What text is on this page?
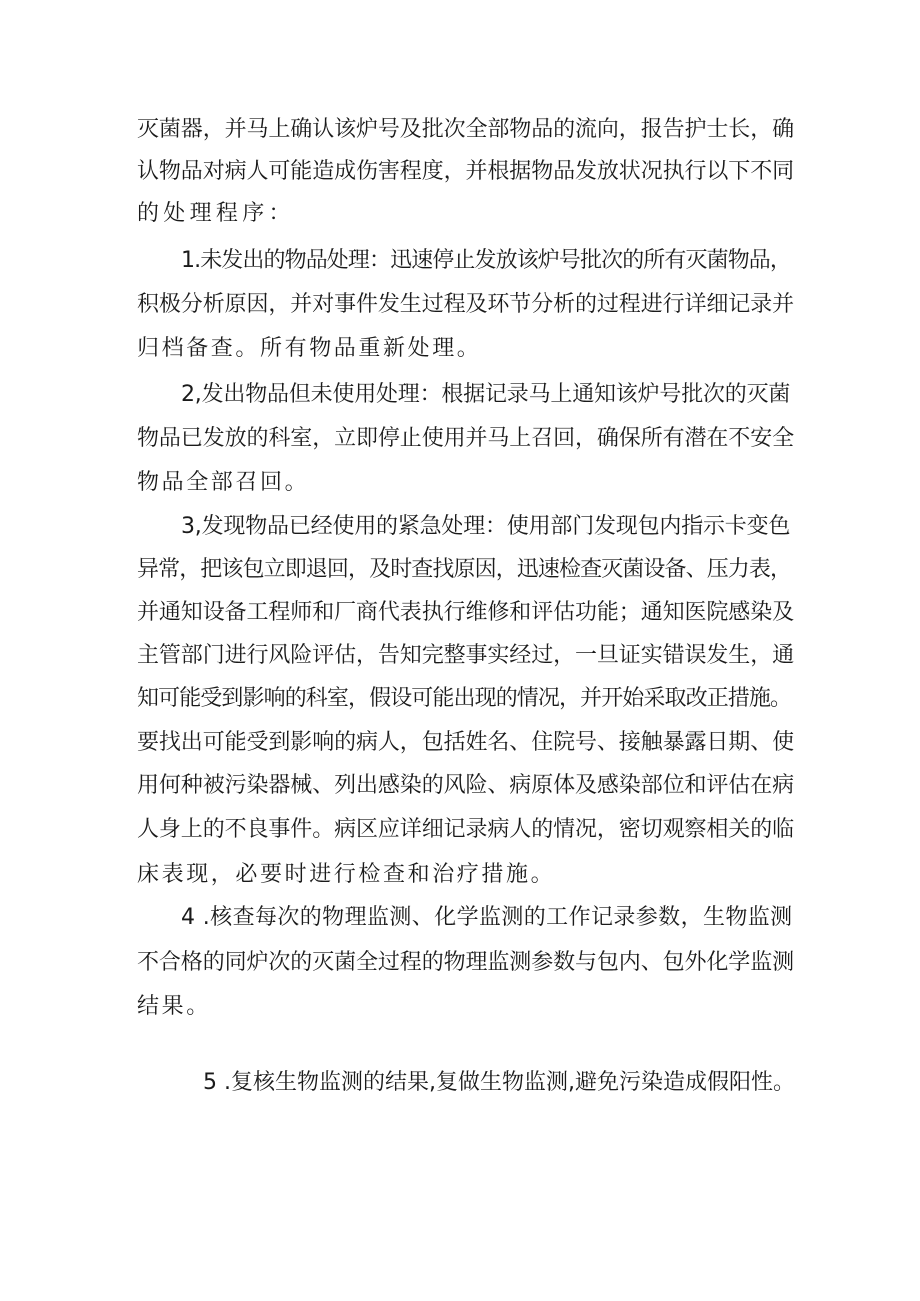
灭菌器，并马上确认该炉号及批次全部物品的流向，报告护士长，确
认物品对病人可能造成伤害程度，并根据物品发放状况执行以下不同
的处理程序：
1.未发出的物品处理：迅速停止发放该炉号批次的所有灭菌物品，
积极分析原因，并对事件发生过程及环节分析的过程进行详细记录并
归档备查。所有物品重新处理。
2,发出物品但未使用处理：根据记录马上通知该炉号批次的灭菌
物品已发放的科室，立即停止使用并马上召回，确保所有潜在不安全
物品全部召回。
3,发现物品已经使用的紧急处理：使用部门发现包内指示卡变色
异常，把该包立即退回，及时查找原因，迅速检查灭菌设备、压力表，
并通知设备工程师和厂商代表执行维修和评估功能；通知医院感染及
主管部门进行风险评估，告知完整事实经过，一旦证实错误发生，通
知可能受到影响的科室，假设可能出现的情况，并开始采取改正措施。
要找出可能受到影响的病人，包括姓名、住院号、接触暴露日期、使
用何种被污染器械、列出感染的风险、病原体及感染部位和评估在病
人身上的不良事件。病区应详细记录病人的情况，密切观察相关的临
床表现，必要时进行检查和治疗措施。
4 .核查每次的物理监测、化学监测的工作记录参数，生物监测
不合格的同炉次的灭菌全过程的物理监测参数与包内、包外化学监测
结果。
5 .复核生物监测的结果,复做生物监测,避免污染造成假阳性。
